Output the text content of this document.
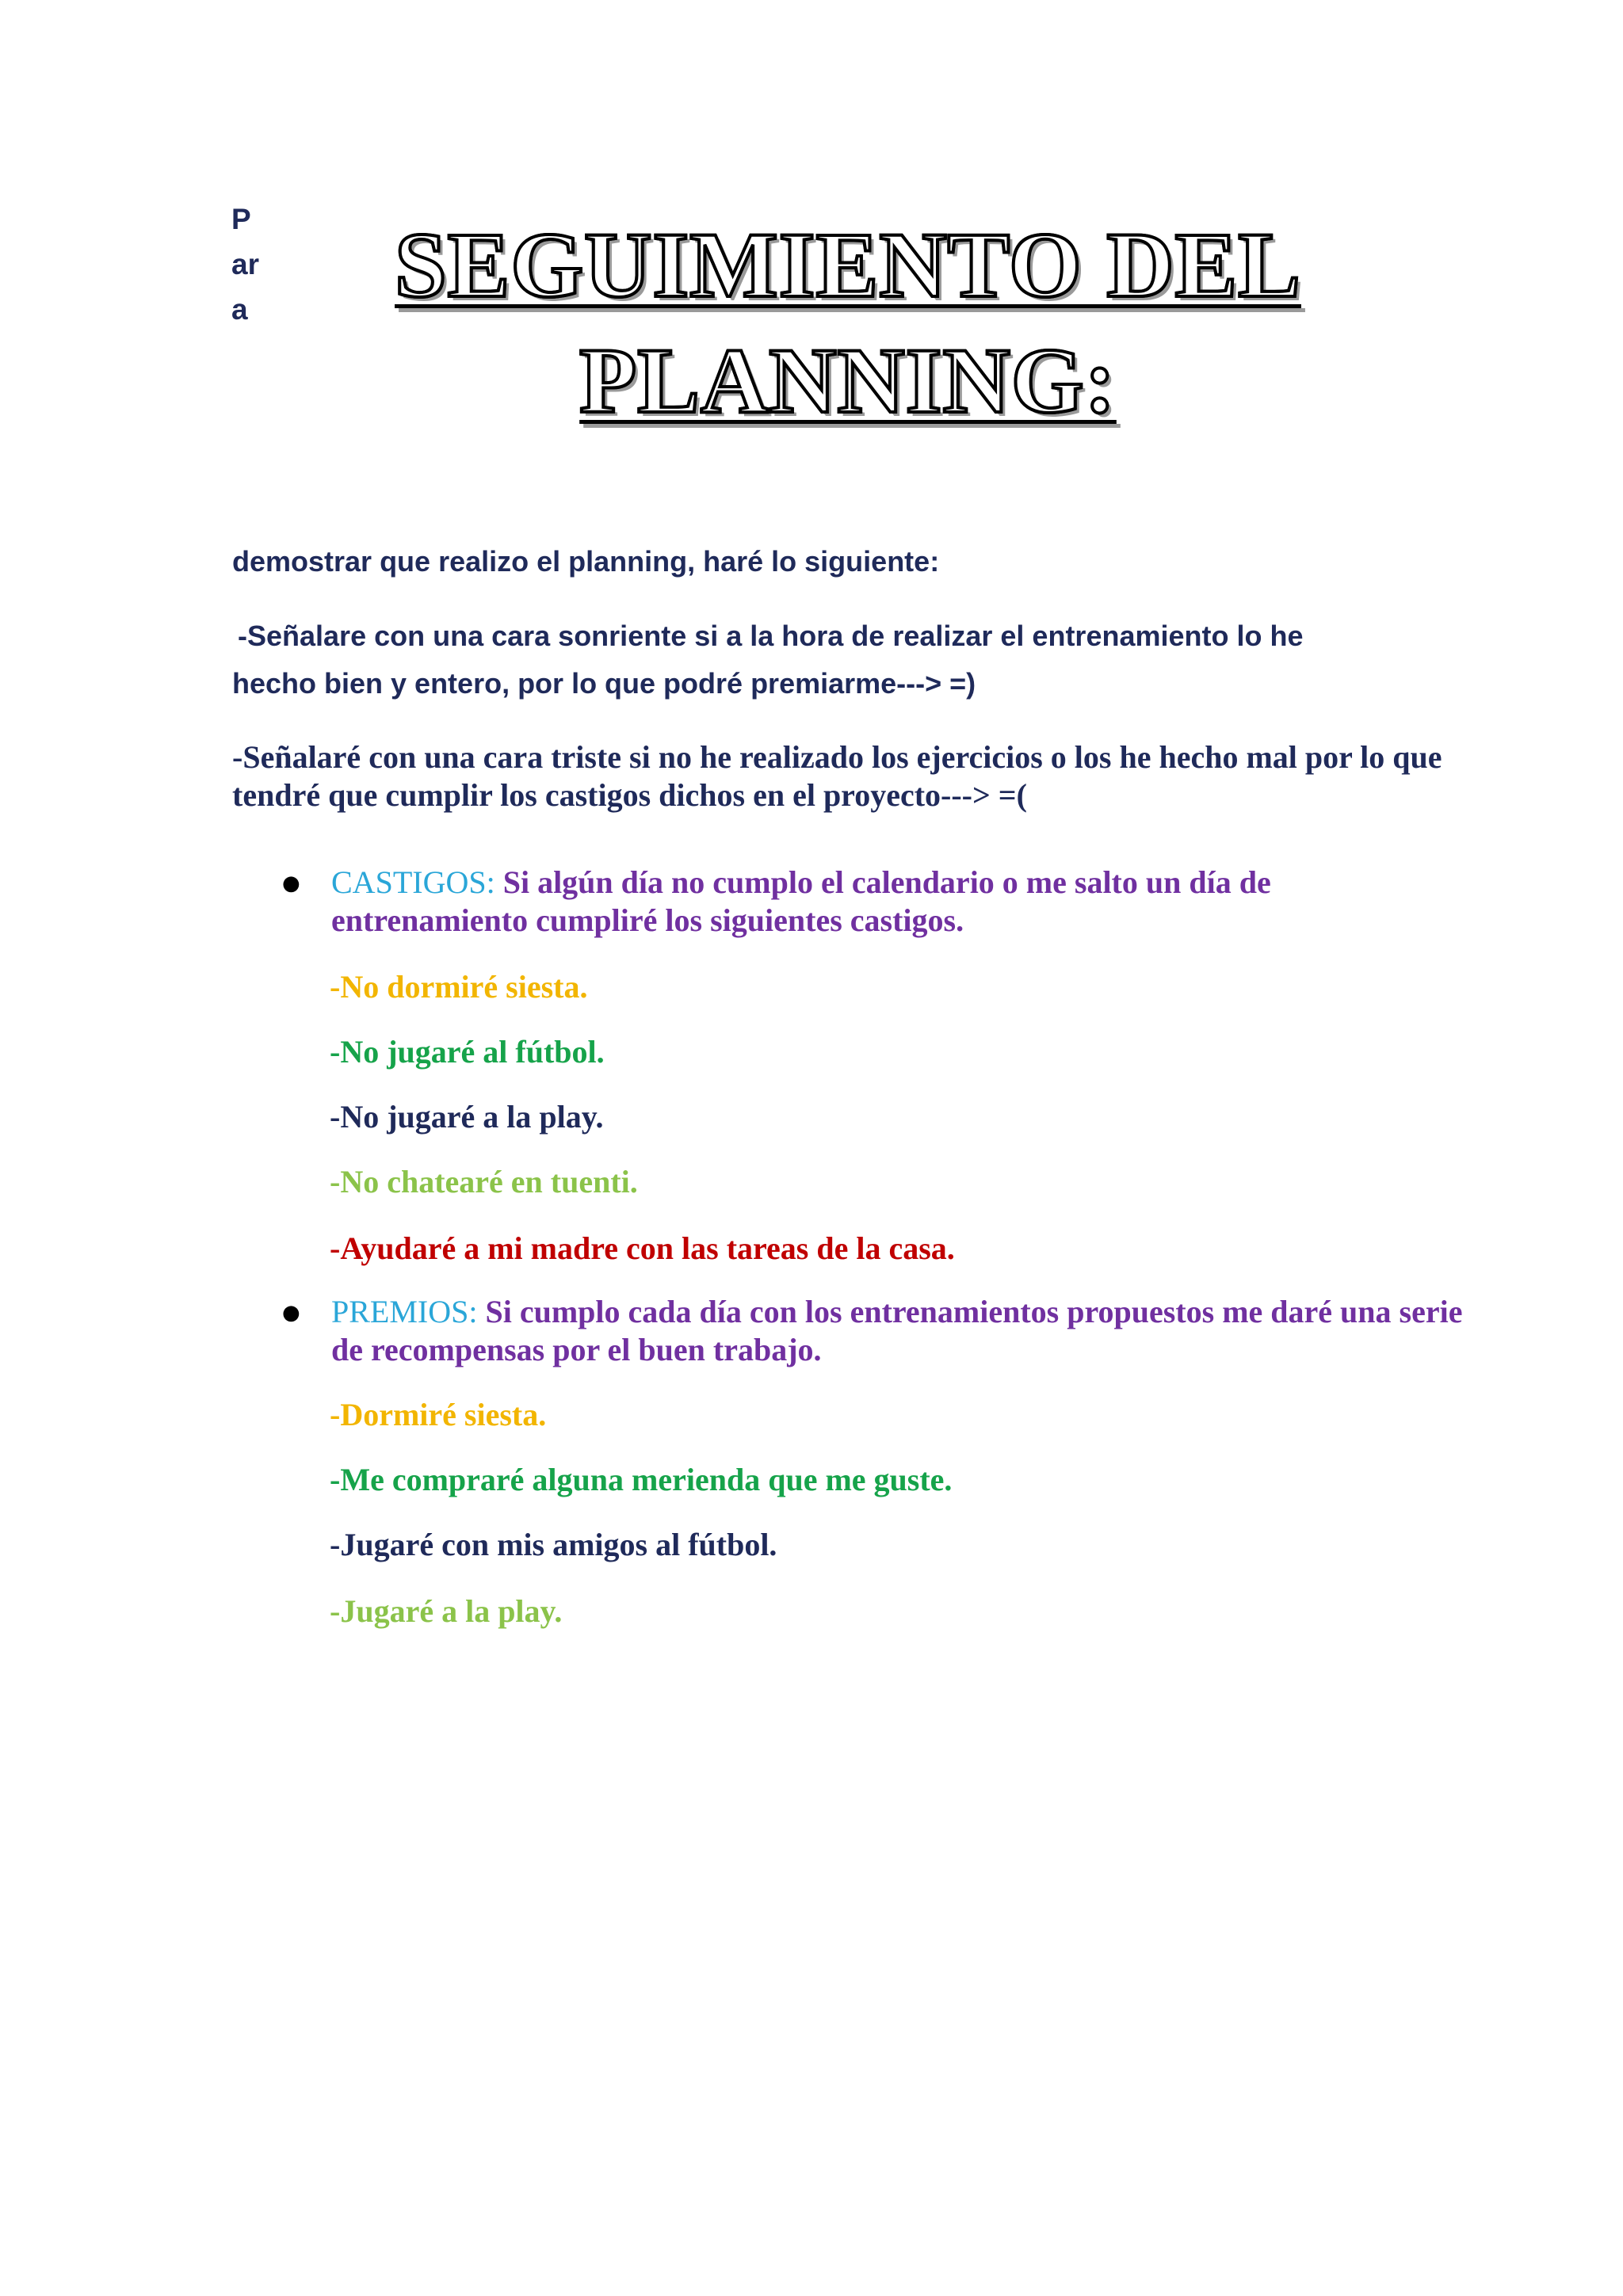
P
ar
a	SEGUIMIENTO DEL
PLANNING:
demostrar que realizo el planning, haré lo siguiente:
-Señalare con una cara sonriente si a la hora de realizar el entrenamiento lo he
hecho bien y entero, por lo que podré premiarme---> =)
-Señalaré con una cara triste si no he realizado los ejercicios o los he hecho mal por lo que tendré que cumplir los castigos dichos en el proyecto---> =(
● CASTIGOS: Si algún día no cumplo el calendario o me salto un día de entrenamiento cumpliré los siguientes castigos.
-No dormiré siesta.
-No jugaré al fútbol.
-No jugaré a la play.
-No chatearé en tuenti.
-Ayudaré a mi madre con las tareas de la casa.
● PREMIOS: Si cumplo cada día con los entrenamientos propuestos me daré una serie de recompensas por el buen trabajo.
-Dormiré siesta.
-Me compraré alguna merienda que me guste.
-Jugaré con mis amigos al fútbol.
-Jugaré a la play.
